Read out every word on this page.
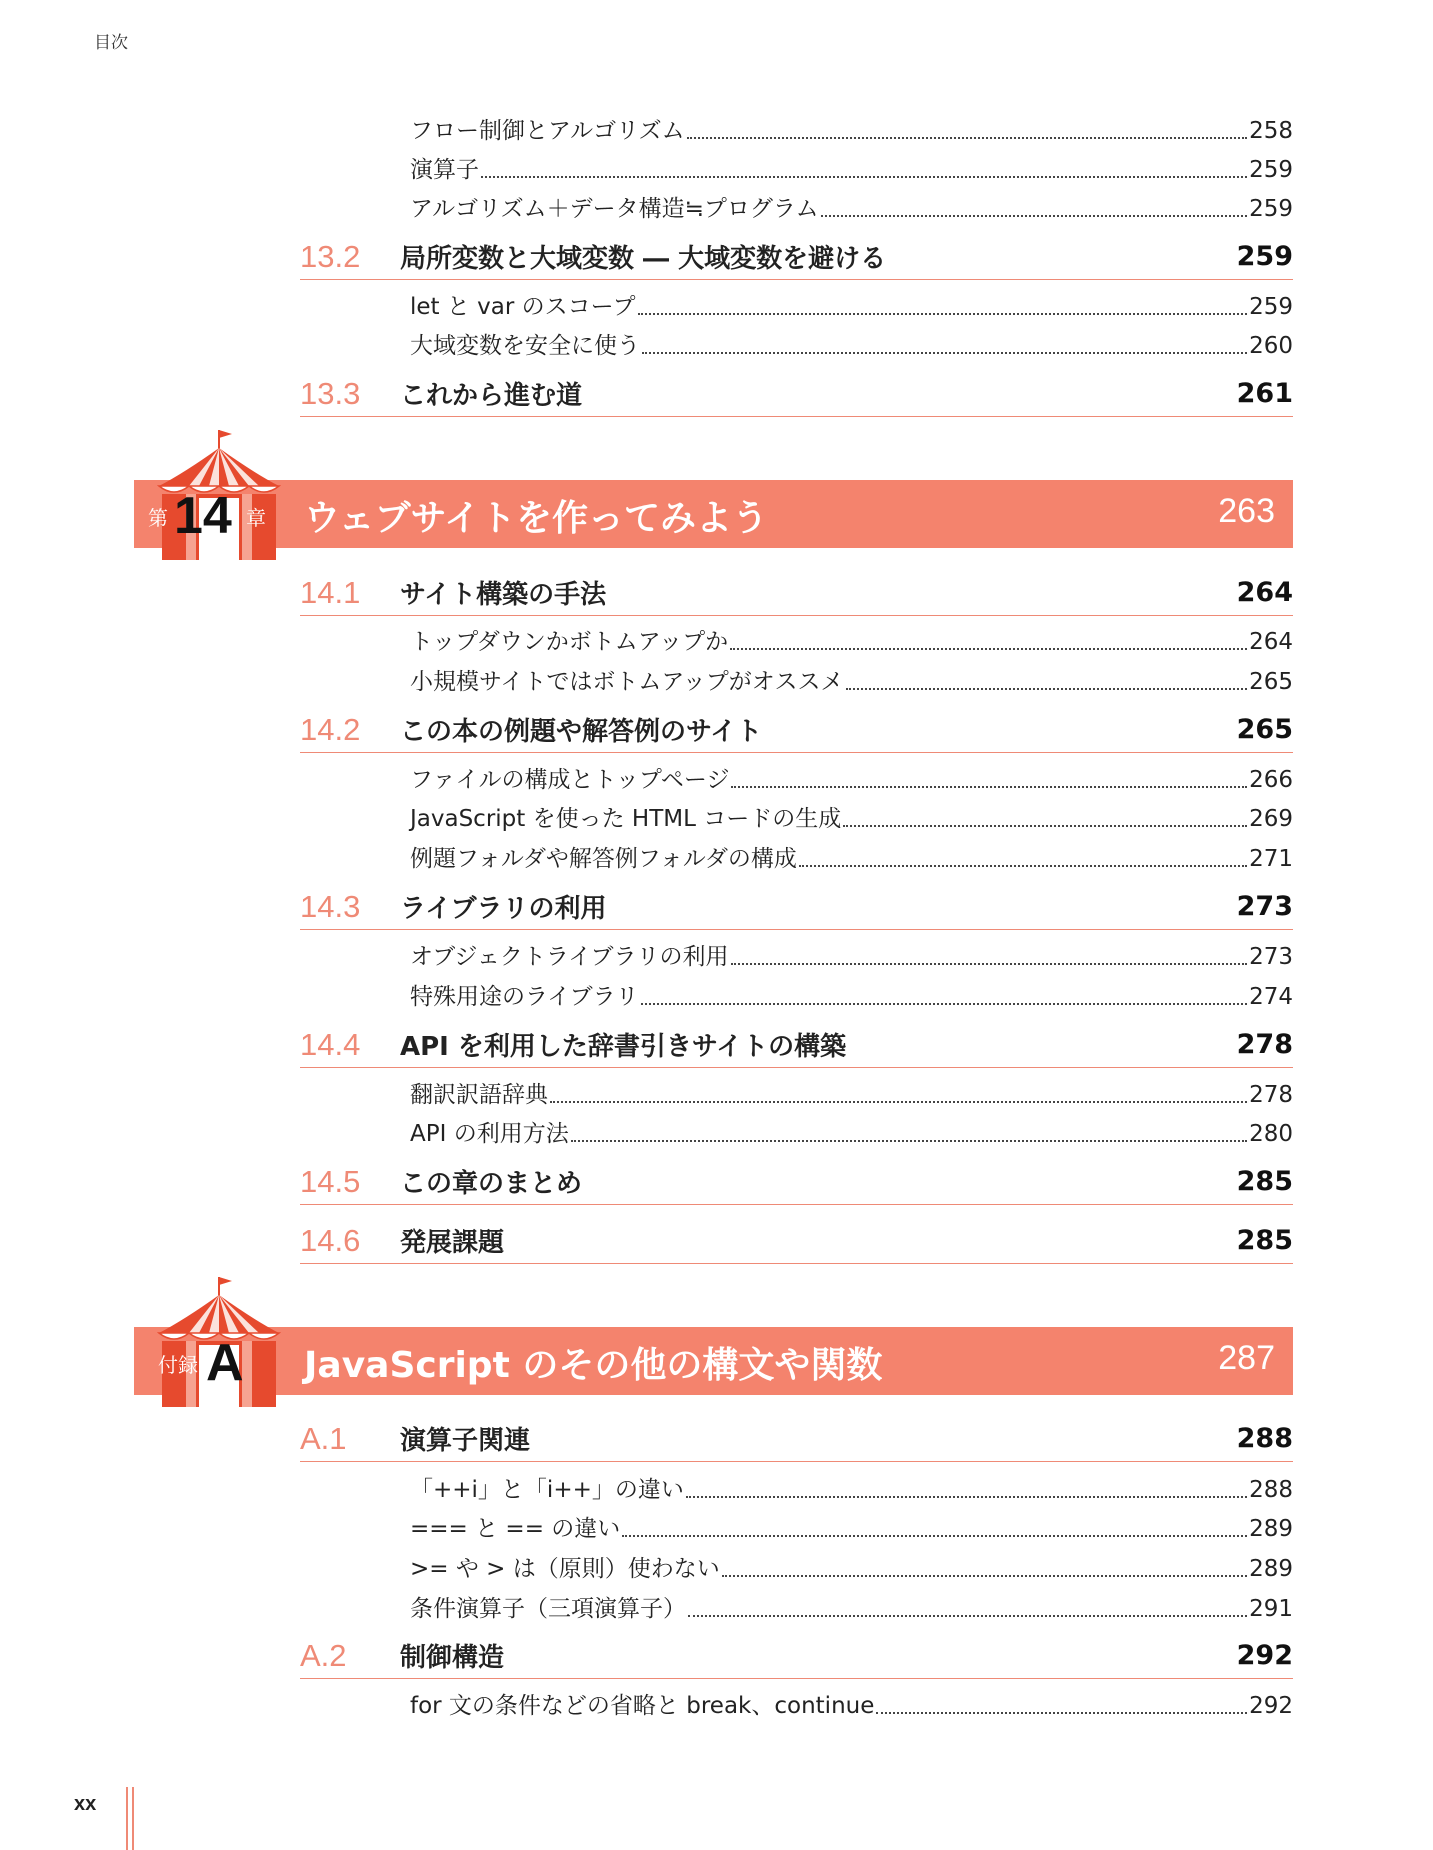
目次
フロー制御とアルゴリズム	258
演算子	259
アルゴリズム＋データ構造≒プログラム	259
13.2	局所変数と大域変数 ― 大域変数を避ける	259
let と var のスコープ	259
大域変数を安全に使う	260
13.3	これから進む道	261
第 14 章 ウェブサイトを作ってみよう	263
14.1	サイト構築の手法	264
トップダウンかボトムアップか	264
小規模サイトではボトムアップがオススメ	265
14.2	この本の例題や解答例のサイト	265
ファイルの構成とトップページ	266
JavaScript を使った HTML コードの生成	269
例題フォルダや解答例フォルダの構成	271
14.3	ライブラリの利用	273
オブジェクトライブラリの利用	273
特殊用途のライブラリ	274
14.4	API を利用した辞書引きサイトの構築	278
翻訳訳語辞典	278
API の利用方法	280
14.5	この章のまとめ	285
14.6	発展課題	285
付録 A JavaScript のその他の構文や関数	287
A.1	演算子関連	288
「++i」と「i++」の違い	288
=== と == の違い	289
>= や > は（原則）使わない	289
条件演算子（三項演算子）	291
A.2	制御構造	292
for 文の条件などの省略と break、continue	292
xx
